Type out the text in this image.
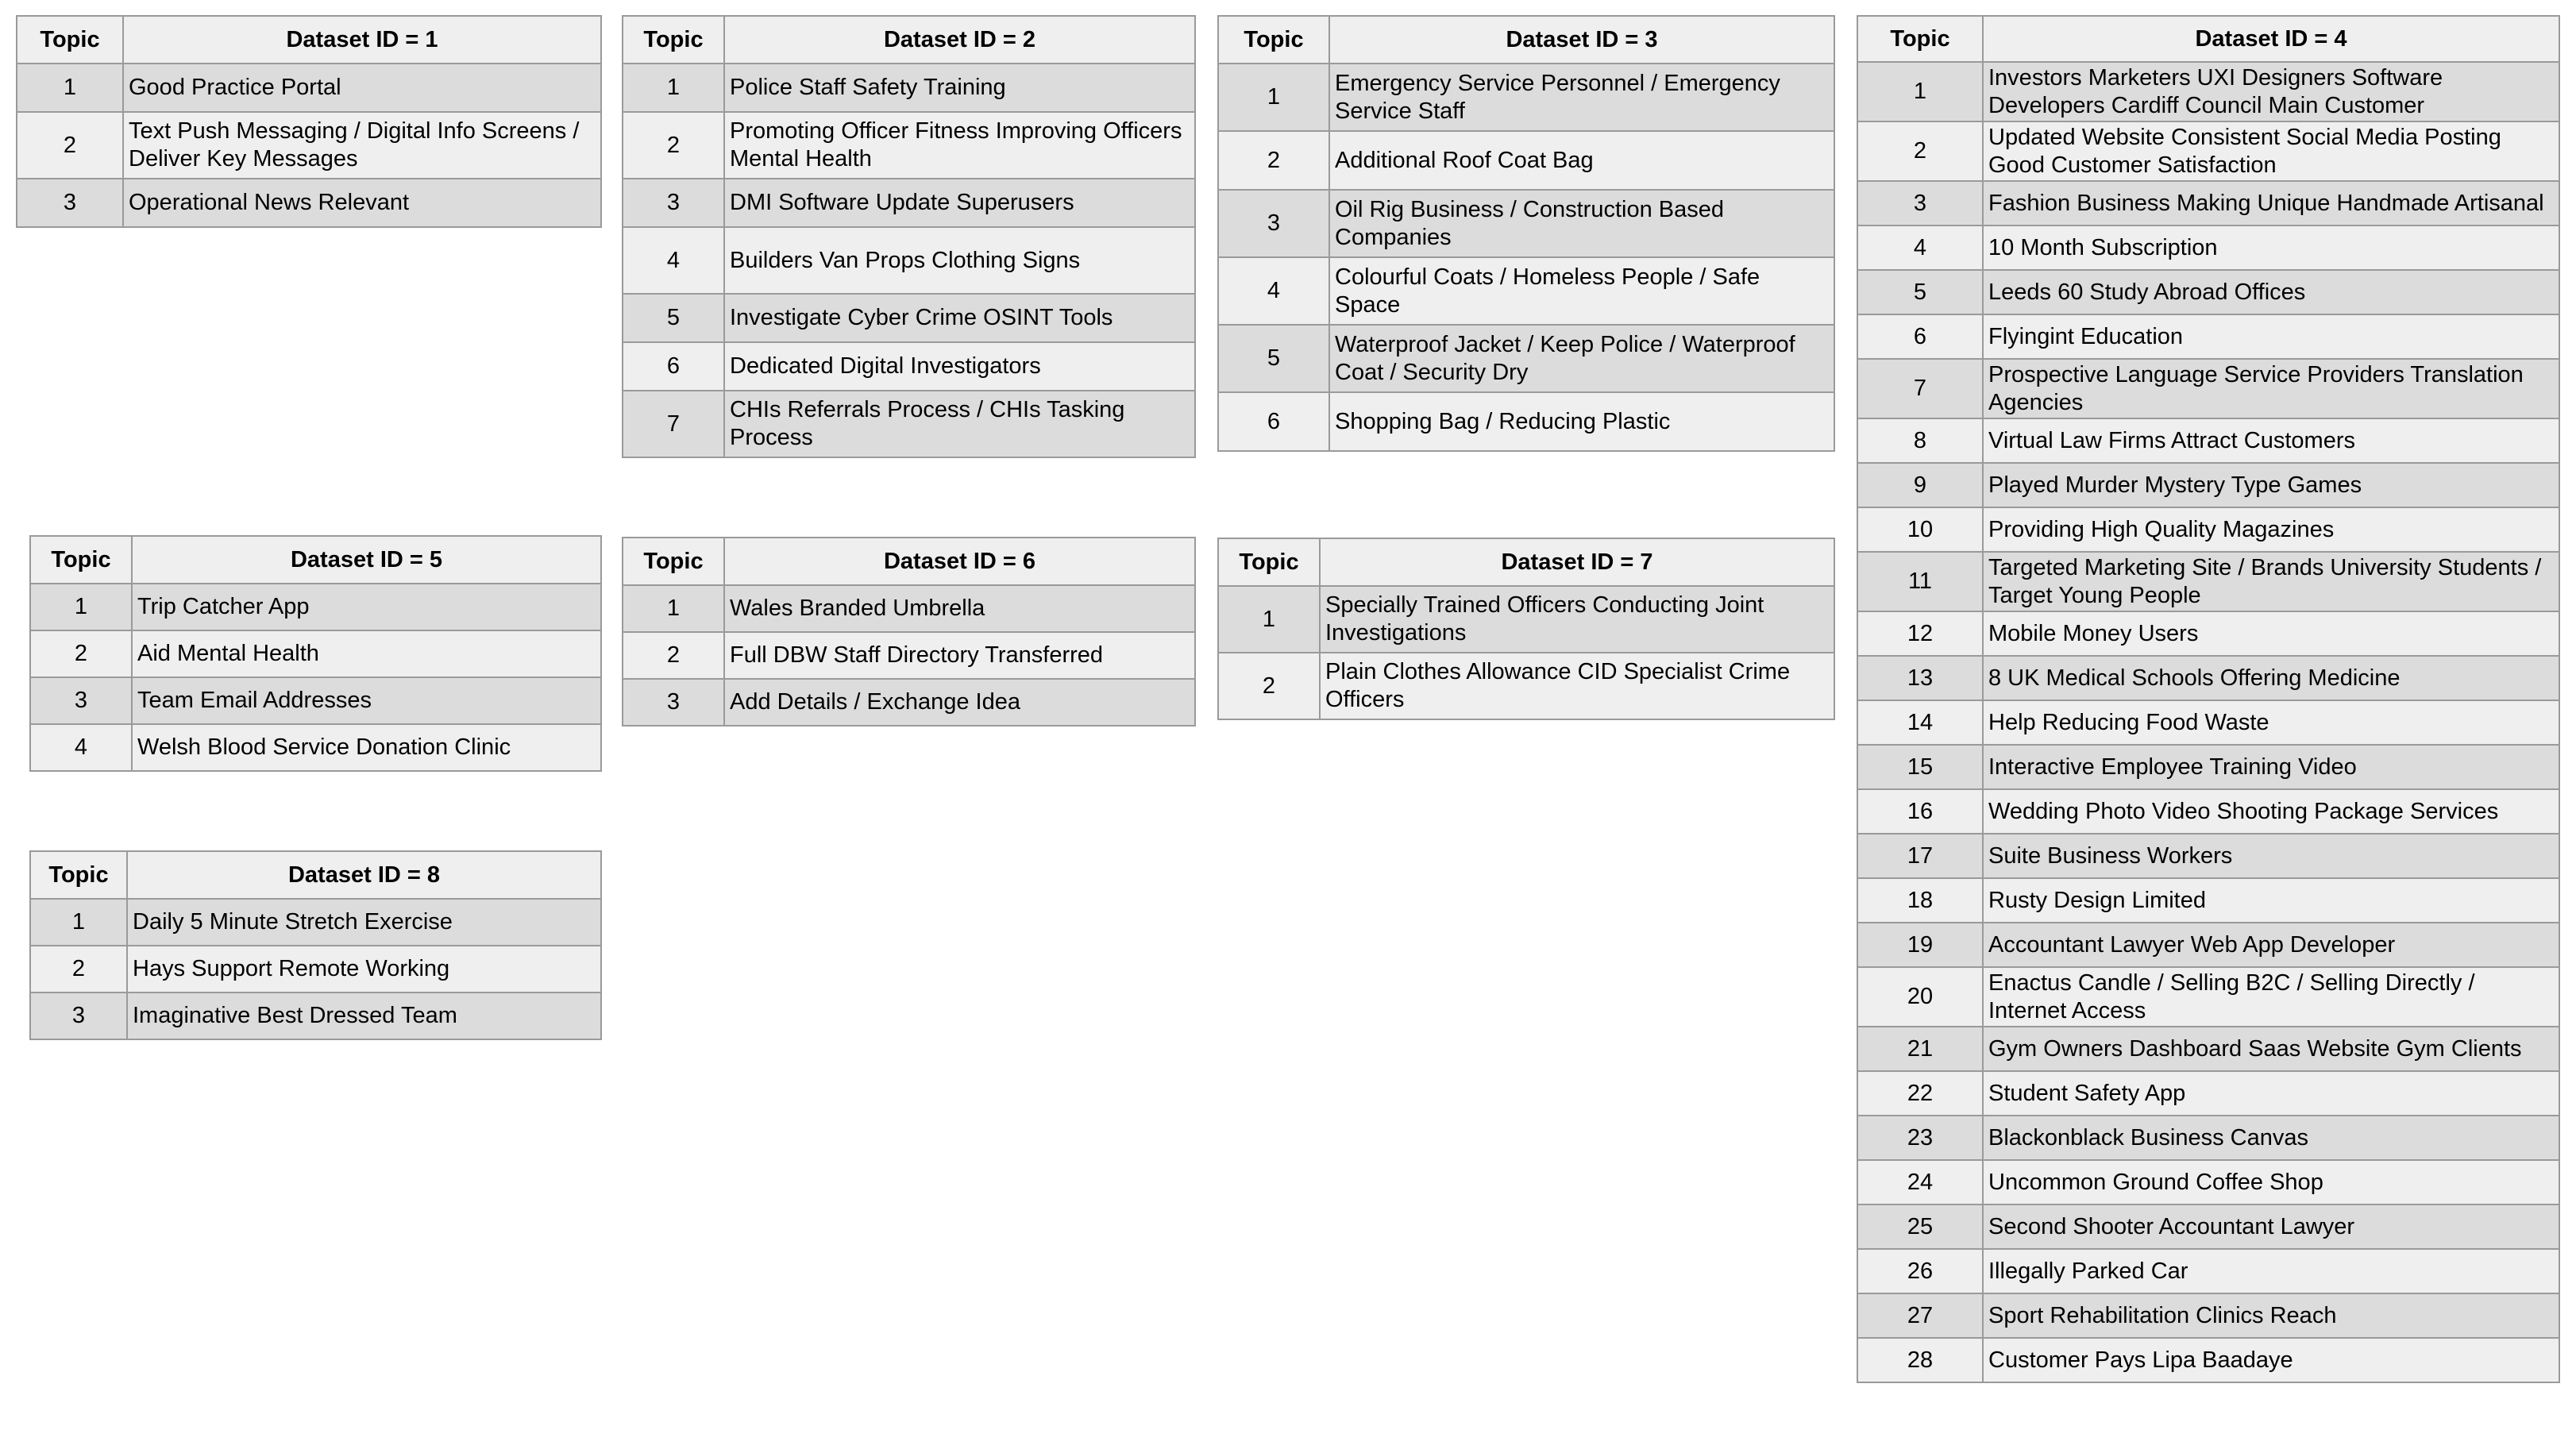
Topic	Dataset ID = 1
1	Good Practice Portal
2	Text Push Messaging / Digital Info Screens / Deliver Key Messages
3	Operational News Relevant
Topic	Dataset ID = 2
1	Police Staff Safety Training
2	Promoting Officer Fitness Improving Officers Mental Health
3	DMI Software Update Superusers
4	Builders Van Props Clothing Signs
5	Investigate Cyber Crime OSINT Tools
6	Dedicated Digital Investigators
7	CHIs Referrals Process / CHIs Tasking Process
Topic	Dataset ID = 3
1	Emergency Service Personnel / Emergency Service Staff
2	Additional Roof Coat Bag
3	Oil Rig Business / Construction Based Companies
4	Colourful Coats / Homeless People / Safe Space
5	Waterproof Jacket / Keep Police / Waterproof Coat / Security Dry
6	Shopping Bag / Reducing Plastic
Topic	Dataset ID = 4
1	Investors Marketers UXI Designers Software Developers Cardiff Council Main Customer
2	Updated Website Consistent Social Media Posting Good Customer Satisfaction
3	Fashion Business Making Unique Handmade Artisanal
4	10 Month Subscription
5	Leeds 60 Study Abroad Offices
6	Flyingint Education
7	Prospective Language Service Providers Translation Agencies
8	Virtual Law Firms Attract Customers
9	Played Murder Mystery Type Games
10	Providing High Quality Magazines
11	Targeted Marketing Site / Brands University Students / Target Young People
12	Mobile Money Users
13	8 UK Medical Schools Offering Medicine
14	Help Reducing Food Waste
15	Interactive Employee Training Video
16	Wedding Photo Video Shooting Package Services
17	Suite Business Workers
18	Rusty Design Limited
19	Accountant Lawyer Web App Developer
20	Enactus Candle / Selling B2C / Selling Directly / Internet Access
21	Gym Owners Dashboard Saas Website Gym Clients
22	Student Safety App
23	Blackonblack Business Canvas
24	Uncommon Ground Coffee Shop
25	Second Shooter Accountant Lawyer
26	Illegally Parked Car
27	Sport Rehabilitation Clinics Reach
28	Customer Pays Lipa Baadaye
Topic	Dataset ID = 5
1	Trip Catcher App
2	Aid Mental Health
3	Team Email Addresses
4	Welsh Blood Service Donation Clinic
Topic	Dataset ID = 6
1	Wales Branded Umbrella
2	Full DBW Staff Directory Transferred
3	Add Details / Exchange Idea
Topic	Dataset ID = 7
1	Specially Trained Officers Conducting Joint Investigations
2	Plain Clothes Allowance CID Specialist Crime Officers
Topic	Dataset ID = 8
1	Daily 5 Minute Stretch Exercise
2	Hays Support Remote Working
3	Imaginative Best Dressed Team
